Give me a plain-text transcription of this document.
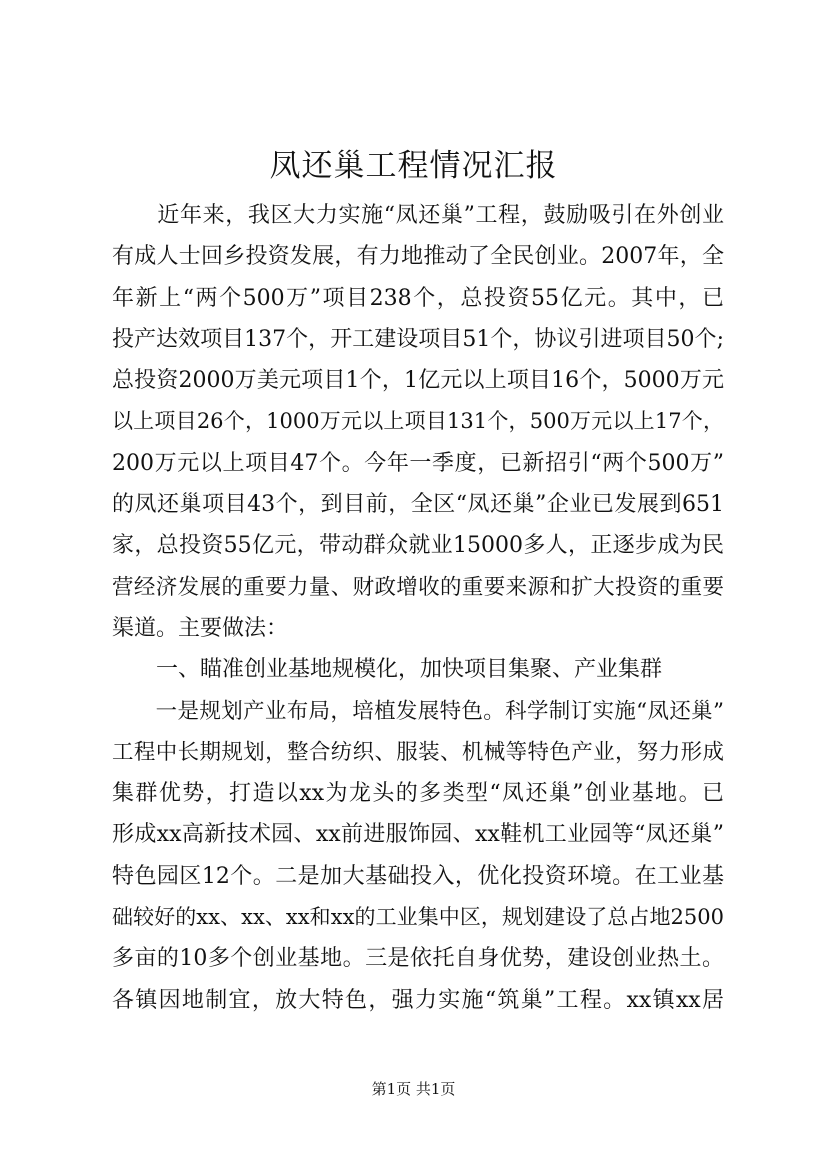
凤还巢工程情况汇报
　　近年来，我区大力实施“凤还巢”工程，鼓励吸引在外创业
有成人士回乡投资发展，有力地推动了全民创业。2007年，全
年新上“两个500万”项目238个，总投资55亿元。其中，已
投产达效项目137个，开工建设项目51个，协议引进项目50个;
总投资2000万美元项目1个，1亿元以上项目16个，5000万元
以上项目26个，1000万元以上项目131个，500万元以上17个，
200万元以上项目47个。今年一季度，已新招引“两个500万”
的凤还巢项目43个，到目前，全区“凤还巢”企业已发展到651
家，总投资55亿元，带动群众就业15000多人，正逐步成为民
营经济发展的重要力量、财政增收的重要来源和扩大投资的重要
渠道。主要做法：
　　一、瞄准创业基地规模化，加快项目集聚、产业集群
　　一是规划产业布局，培植发展特色。科学制订实施“凤还巢”
工程中长期规划，整合纺织、服装、机械等特色产业，努力形成
集群优势，打造以xx为龙头的多类型“凤还巢”创业基地。已
形成xx高新技术园、xx前进服饰园、xx鞋机工业园等“凤还巢”
特色园区12个。二是加大基础投入，优化投资环境。在工业基
础较好的xx、xx、xx和xx的工业集中区，规划建设了总占地2500
多亩的10多个创业基地。三是依托自身优势，建设创业热土。
各镇因地制宜，放大特色，强力实施“筑巢”工程。xx镇xx居
第1页 共1页
